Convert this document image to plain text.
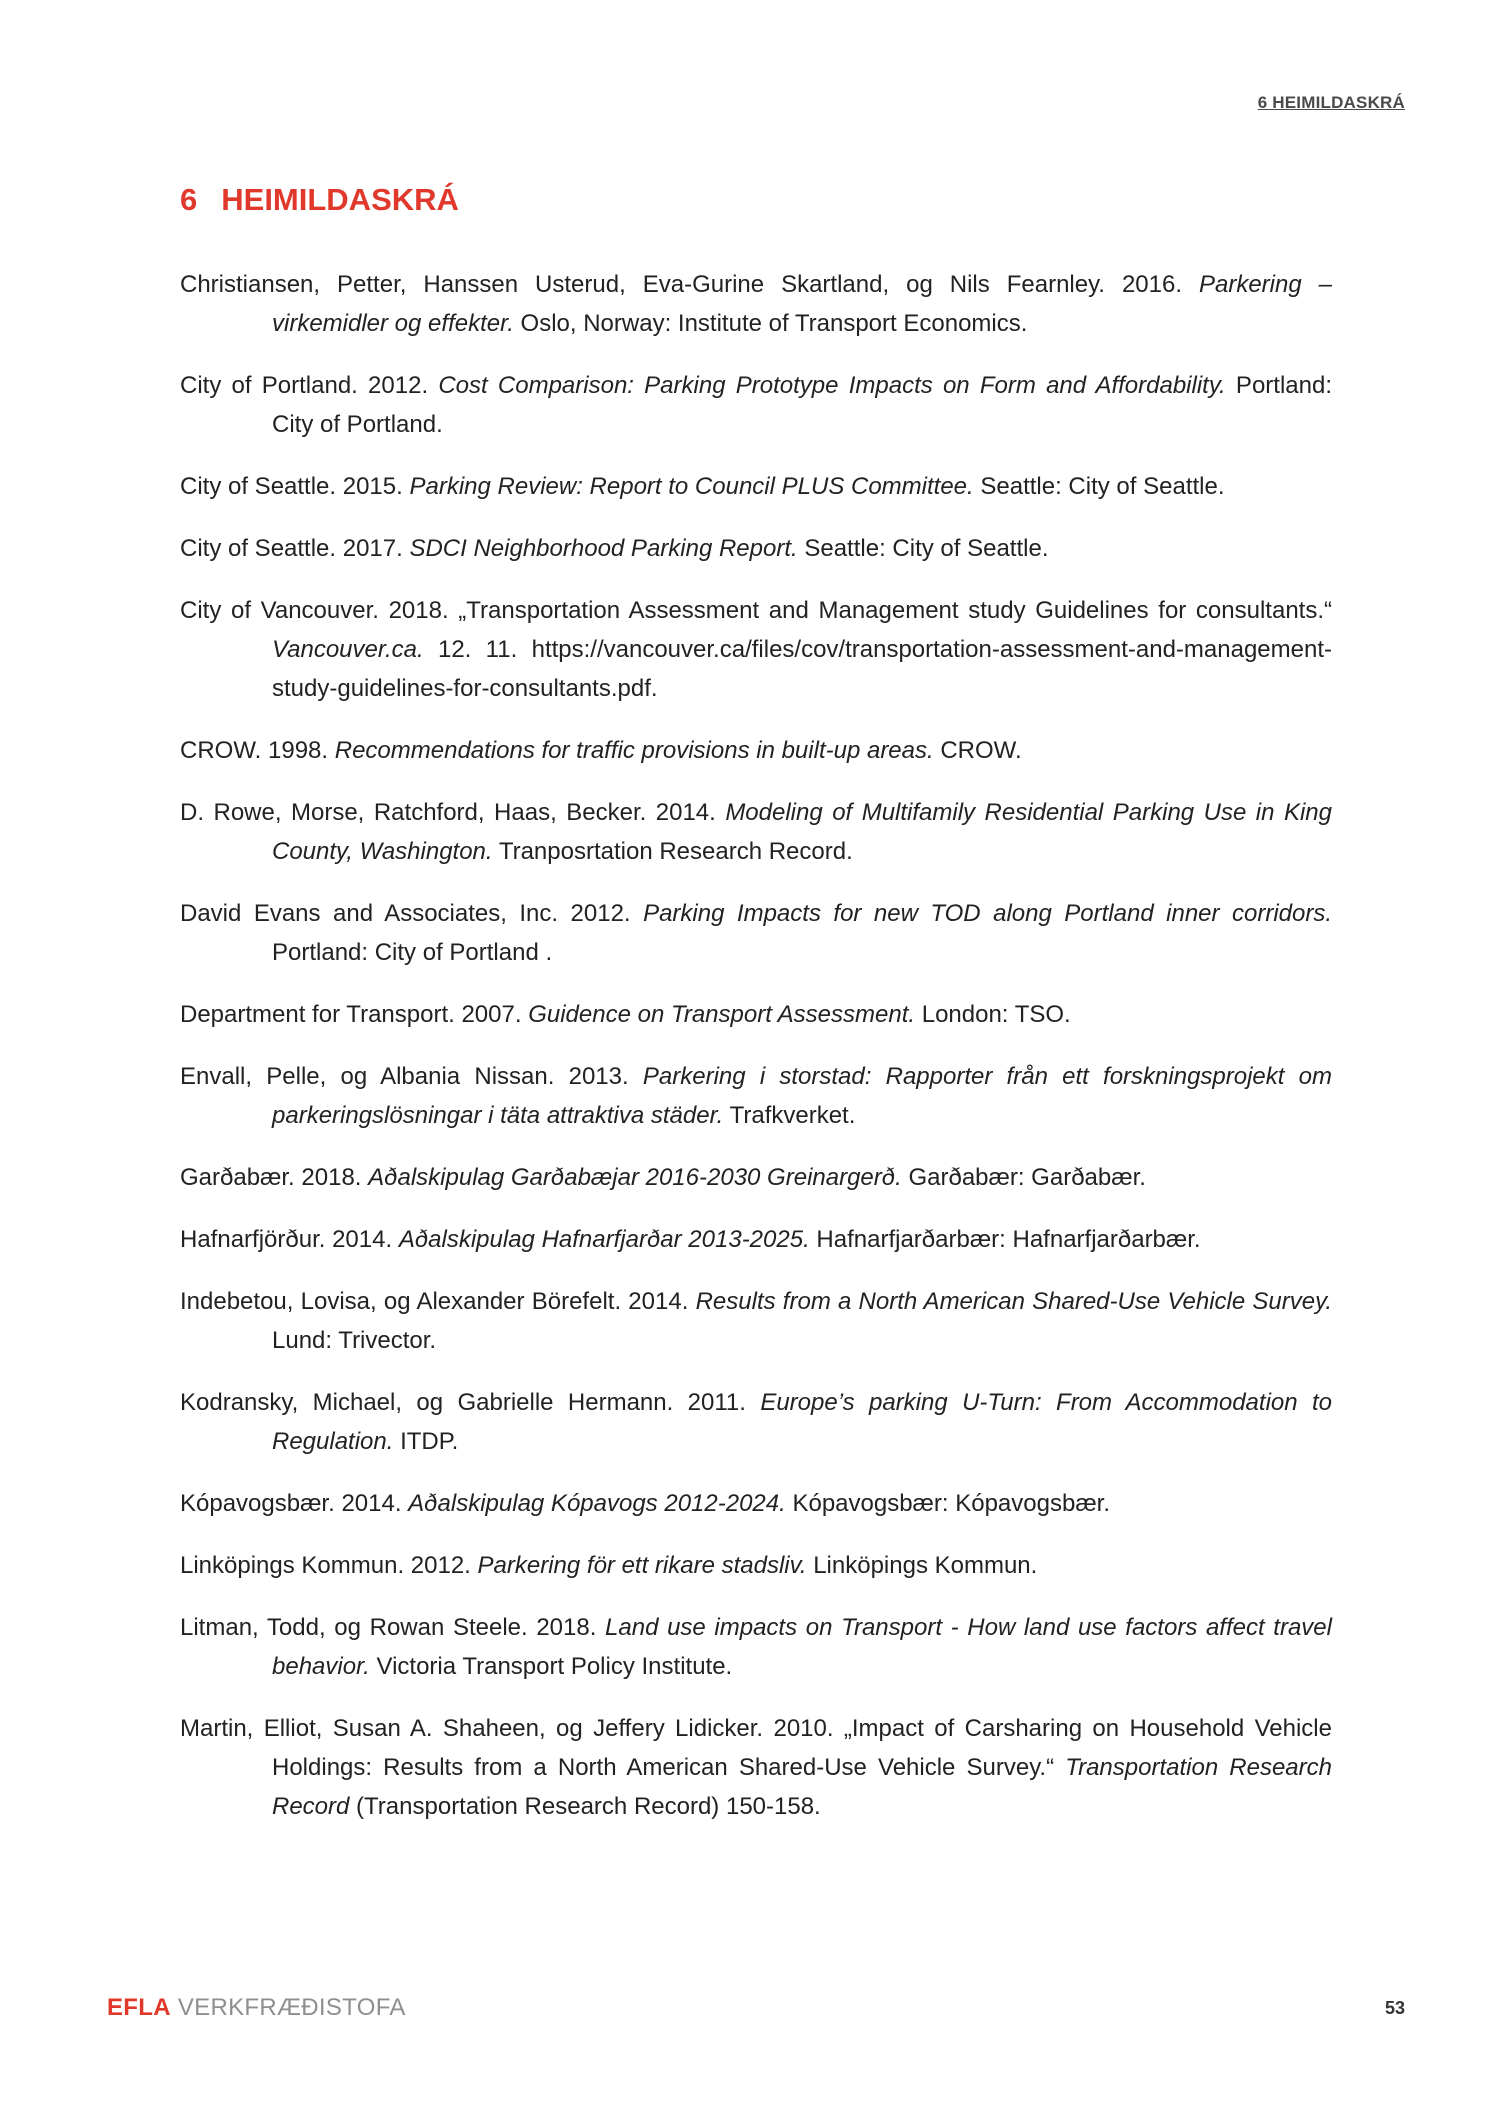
6 HEIMILDASKRÁ
6 HEIMILDASKRÁ
Christiansen, Petter, Hanssen Usterud, Eva-Gurine Skartland, og Nils Fearnley. 2016. Parkering – virkemidler og effekter. Oslo, Norway: Institute of Transport Economics.
City of Portland. 2012. Cost Comparison: Parking Prototype Impacts on Form and Affordability. Portland: City of Portland.
City of Seattle. 2015. Parking Review: Report to Council PLUS Committee. Seattle: City of Seattle.
City of Seattle. 2017. SDCI Neighborhood Parking Report. Seattle: City of Seattle.
City of Vancouver. 2018. „Transportation Assessment and Management study Guidelines for consultants.“ Vancouver.ca. 12. 11. https://vancouver.ca/files/cov/transportation-assessment-and-management-study-guidelines-for-consultants.pdf.
CROW. 1998. Recommendations for traffic provisions in built-up areas. CROW.
D. Rowe, Morse, Ratchford, Haas, Becker. 2014. Modeling of Multifamily Residential Parking Use in King County, Washington. Tranposrtation Research Record.
David Evans and Associates, Inc. 2012. Parking Impacts for new TOD along Portland inner corridors. Portland: City of Portland .
Department for Transport. 2007. Guidence on Transport Assessment. London: TSO.
Envall, Pelle, og Albania Nissan. 2013. Parkering i storstad: Rapporter från ett forskningsprojekt om parkeringslösningar i täta attraktiva städer. Trafkverket.
Garðabær. 2018. Aðalskipulag Garðabæjar 2016-2030 Greinargerð. Garðabær: Garðabær.
Hafnarfjörður. 2014. Aðalskipulag Hafnarfjarðar 2013-2025. Hafnarfjarðarbær: Hafnarfjarðarbær.
Indebetou, Lovisa, og Alexander Börefelt. 2014. Results from a North American Shared-Use Vehicle Survey. Lund: Trivector.
Kodransky, Michael, og Gabrielle Hermann. 2011. Europe’s parking U-Turn: From Accommodation to Regulation. ITDP.
Kópavogsbær. 2014. Aðalskipulag Kópavogs 2012-2024. Kópavogsbær: Kópavogsbær.
Linköpings Kommun. 2012. Parkering för ett rikare stadsliv. Linköpings Kommun.
Litman, Todd, og Rowan Steele. 2018. Land use impacts on Transport - How land use factors affect travel behavior. Victoria Transport Policy Institute.
Martin, Elliot, Susan A. Shaheen, og Jeffery Lidicker. 2010. „Impact of Carsharing on Household Vehicle Holdings: Results from a North American Shared-Use Vehicle Survey.“ Transportation Research Record (Transportation Research Record) 150-158.
EFLA VERKFRÆÐISTOFA	53
